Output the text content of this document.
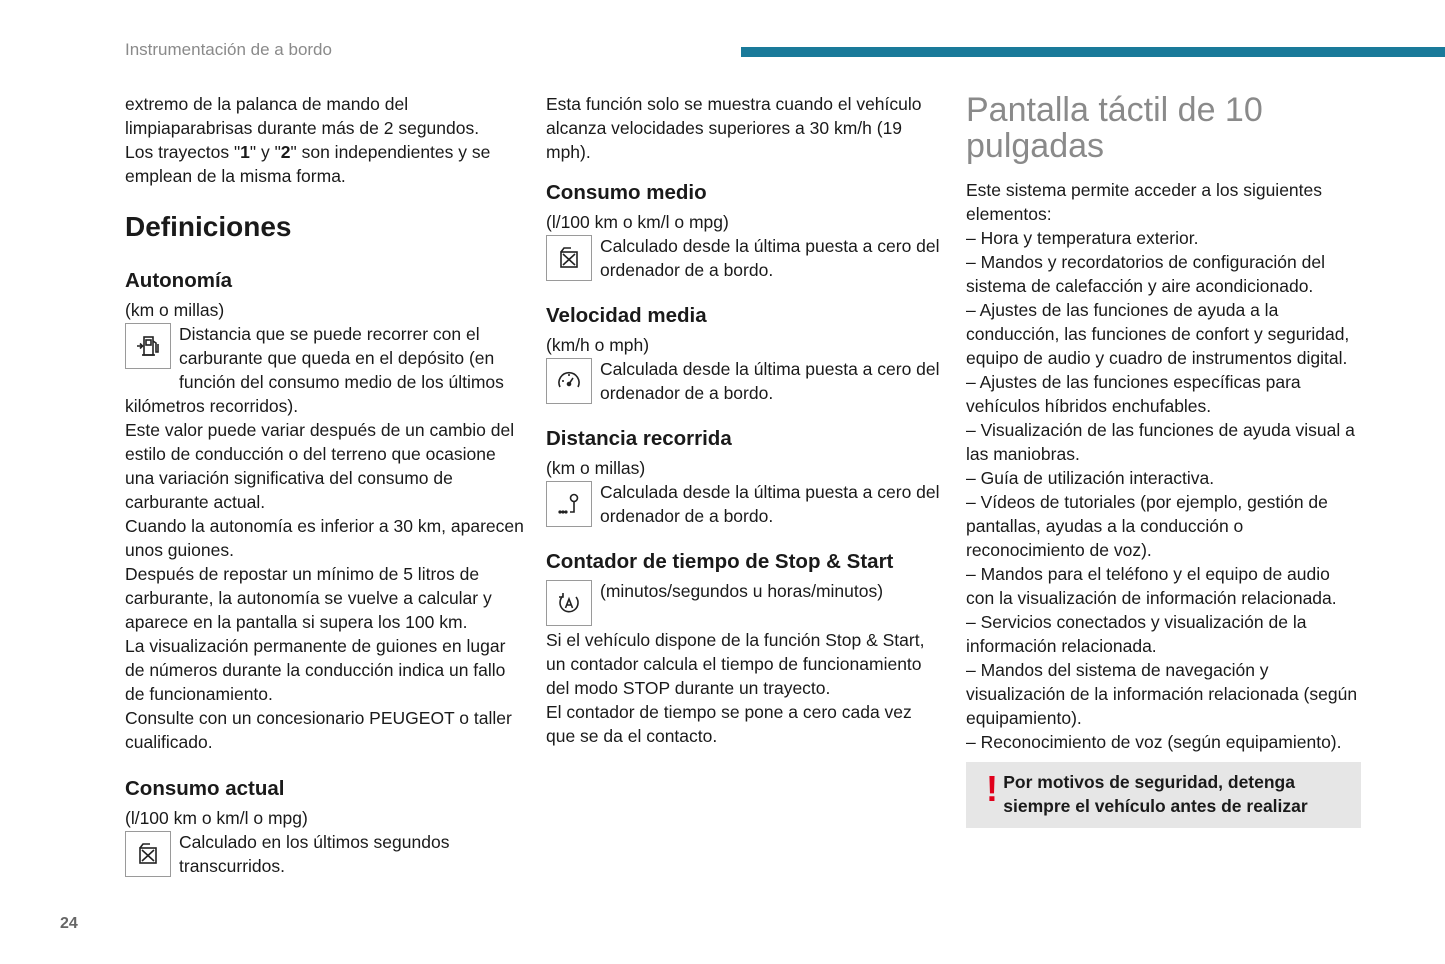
Instrumentación de a bordo

extremo de la palanca de mando del limpiaparabrisas durante más de 2 segundos.

Los trayectos "1" y "2" son independientes y se emplean de la misma forma.

Definiciones
Autonomía

(km o millas)

Distancia que se puede recorrer con el carburante que queda en el depósito (en función del consumo medio de los últimos kilómetros recorridos).

Este valor puede variar después de un cambio del estilo de conducción o del terreno que ocasione una variación significativa del consumo de carburante actual.

Cuando la autonomía es inferior a 30 km, aparecen unos guiones.

Después de repostar un mínimo de 5 litros de carburante, la autonomía se vuelve a calcular y aparece en la pantalla si supera los 100 km.

La visualización permanente de guiones en lugar de números durante la conducción indica un fallo de funcionamiento.

Consulte con un concesionario PEUGEOT o taller cualificado.

Consumo actual

(l/100 km o km/l o mpg)

Calculado en los últimos segundos transcurridos.

Esta función solo se muestra cuando el vehículo alcanza velocidades superiores a 30 km/h (19 mph).

Consumo medio

(l/100 km o km/l o mpg)

Calculado desde la última puesta a cero del ordenador de a bordo.

Velocidad media

(km/h o mph)

Calculada desde la última puesta a cero del ordenador de a bordo.

Distancia recorrida

(km o millas)

Calculada desde la última puesta a cero del ordenador de a bordo.

Contador de tiempo de Stop & Start

(minutos/segundos u horas/minutos)

Si el vehículo dispone de la función Stop & Start, un contador calcula el tiempo de funcionamiento del modo STOP durante un trayecto.

El contador de tiempo se pone a cero cada vez que se da el contacto.

Pantalla táctil de 10 pulgadas

Este sistema permite acceder a los siguientes elementos:

– Hora y temperatura exterior.

– Mandos y recordatorios de configuración del sistema de calefacción y aire acondicionado.

– Ajustes de las funciones de ayuda a la conducción, las funciones de confort y seguridad, equipo de audio y cuadro de instrumentos digital.

– Ajustes de las funciones específicas para vehículos híbridos enchufables.

– Visualización de las funciones de ayuda visual a las maniobras.

– Guía de utilización interactiva.

– Vídeos de tutoriales (por ejemplo, gestión de pantallas, ayudas a la conducción o reconocimiento de voz).

– Mandos para el teléfono y el equipo de audio con la visualización de información relacionada.

– Servicios conectados y visualización de la información relacionada.

– Mandos del sistema de navegación y visualización de la información relacionada (según equipamiento).

– Reconocimiento de voz (según equipamiento).

! Por motivos de seguridad, detenga siempre el vehículo antes de realizar
24
